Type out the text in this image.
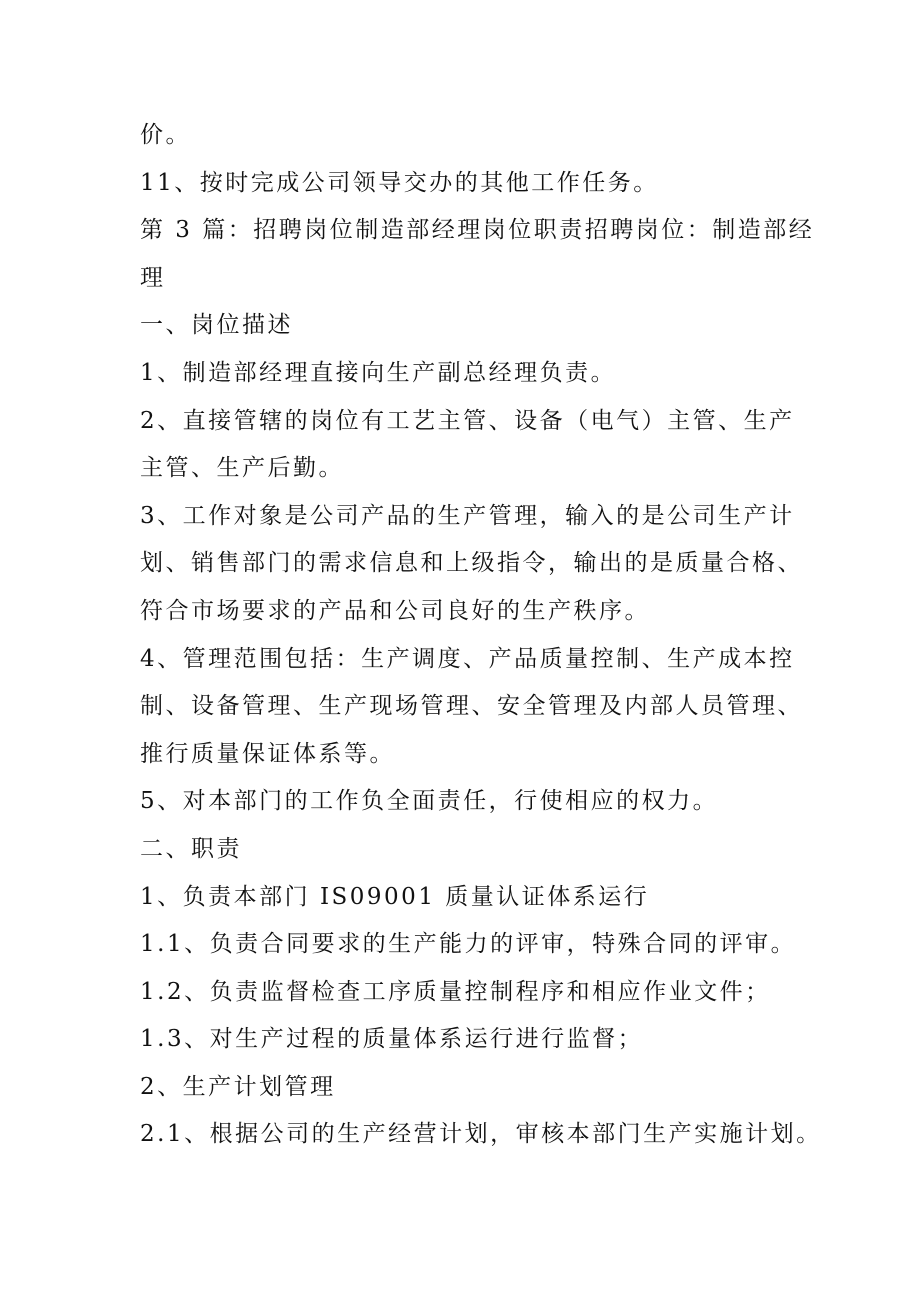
价。
11、按时完成公司领导交办的其他工作任务。
第 3 篇：招聘岗位制造部经理岗位职责招聘岗位：制造部经
理
一、岗位描述
1、制造部经理直接向生产副总经理负责。
2、直接管辖的岗位有工艺主管、设备（电气）主管、生产
主管、生产后勤。
3、工作对象是公司产品的生产管理，输入的是公司生产计
划、销售部门的需求信息和上级指令，输出的是质量合格、
符合市场要求的产品和公司良好的生产秩序。
4、管理范围包括：生产调度、产品质量控制、生产成本控
制、设备管理、生产现场管理、安全管理及内部人员管理、
推行质量保证体系等。
5、对本部门的工作负全面责任，行使相应的权力。
二、职责
1、负责本部门 IS09001 质量认证体系运行
1.1、负责合同要求的生产能力的评审，特殊合同的评审。
1.2、负责监督检查工序质量控制程序和相应作业文件；
1.3、对生产过程的质量体系运行进行监督；
2、生产计划管理
2.1、根据公司的生产经营计划，审核本部门生产实施计划。
